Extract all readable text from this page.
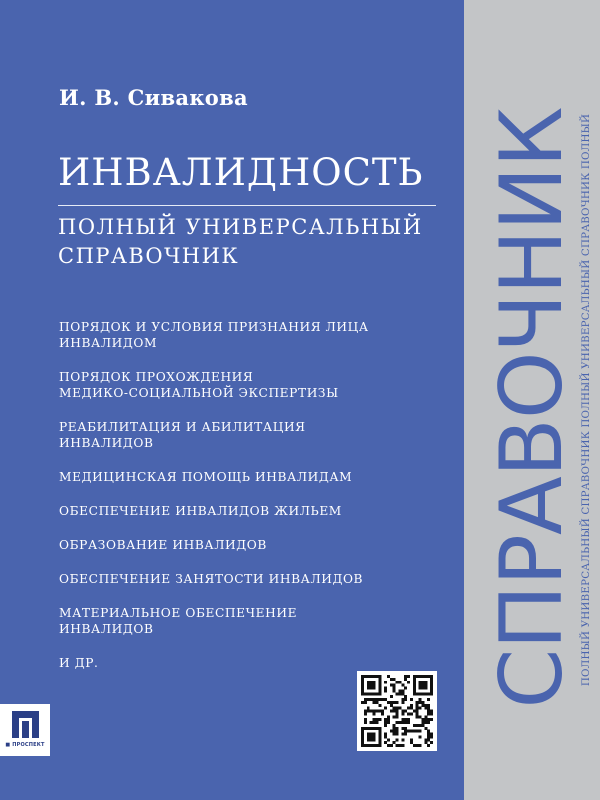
И. В. Сивакова
ИНВАЛИДНОСТЬ
ПОЛНЫЙ УНИВЕРСАЛЬНЫЙ
СПРАВОЧНИК
ПОРЯДОК И УСЛОВИЯ ПРИЗНАНИЯ ЛИЦА
ИНВАЛИДОМ
ПОРЯДОК ПРОХОЖДЕНИЯ
МЕДИКО-СОЦИАЛЬНОЙ ЭКСПЕРТИЗЫ
РЕАБИЛИТАЦИЯ И АБИЛИТАЦИЯ
ИНВАЛИДОВ
МЕДИЦИНСКАЯ ПОМОЩЬ ИНВАЛИДАМ
ОБЕСПЕЧЕНИЕ ИНВАЛИДОВ ЖИЛЬЕМ
ОБРАЗОВАНИЕ ИНВАЛИДОВ
ОБЕСПЕЧЕНИЕ ЗАНЯТОСТИ ИНВАЛИДОВ
МАТЕРИАЛЬНОЕ ОБЕСПЕЧЕНИЕ
ИНВАЛИДОВ
И ДР.	СПРАВОЧНИК
ПОЛНЫЙ УНИВЕРСАЛЬНЫЙ СПРАВОЧНИК ПОЛНЫЙ УНИВЕРСАЛЬНЫЙ СПРАВОЧНИК ПОЛНЫЙ
■ ПРОСПЕКТ
